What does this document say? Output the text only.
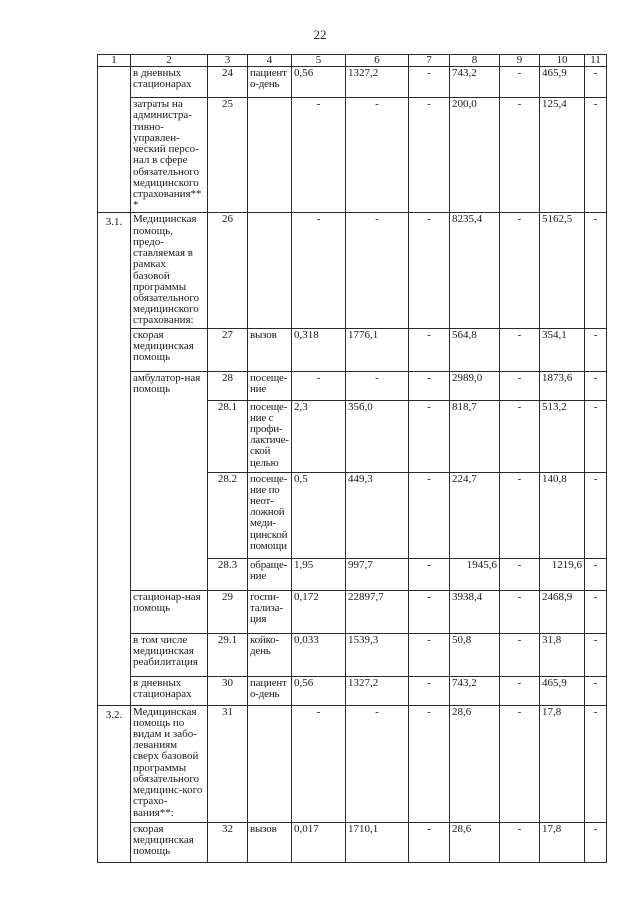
22
1	2	3	4	5	6	7	8	9	10	11
	в дневных стационарах	24	пациенто-день	0,56	1327,2	-	743,2	-	465,9	-
	затраты на администра-тивно-управлен-ческий персо-нал в сфере обязательного медицинского страхования***	25		-	-	-	200,0	-	125,4	-
3.1.	Медицинская помощь, предо-ставляемая в рамках базовой программы обязательного медицинского страхования:	26		-	-	-	8235,4	-	5162,5	-
	скорая медицинская помощь	27	вызов	0,318	1776,1	-	564,8	-	354,1	-
	амбулатор-ная помощь	28	посеще-ние	-	-	-	2989,0	-	1873,6	-
		28.1	посеще-ние с профи-лактиче-ской целью	2,3	356,0	-	818,7	-	513,2	-
		28.2	посеще-ние по неот-ложной меди-цинской помощи	0,5	449,3	-	224,7	-	140,8	-
		28.3	обраще-ние	1,95	997,7	-	1945,6	-	1219,6	-
	стационар-ная помощь	29	госпи-тализа-ция	0,172	22897,7	-	3938,4	-	2468,9	-
	в том числе медицинская реабилитация	29.1	койко-день	0,033	1539,3	-	50,8	-	31,8	-
	в дневных стационарах	30	пациенто-день	0,56	1327,2	-	743,2	-	465,9	-
3.2.	Медицинская помощь по видам и забо-леваниям сверх базовой программы обязательного медицинс-кого страхо-вания**:	31		-	-	-	28,6	-	17,8	-
	скорая медицинская помощь	32	вызов	0,017	1710,1	-	28,6	-	17,8	-
